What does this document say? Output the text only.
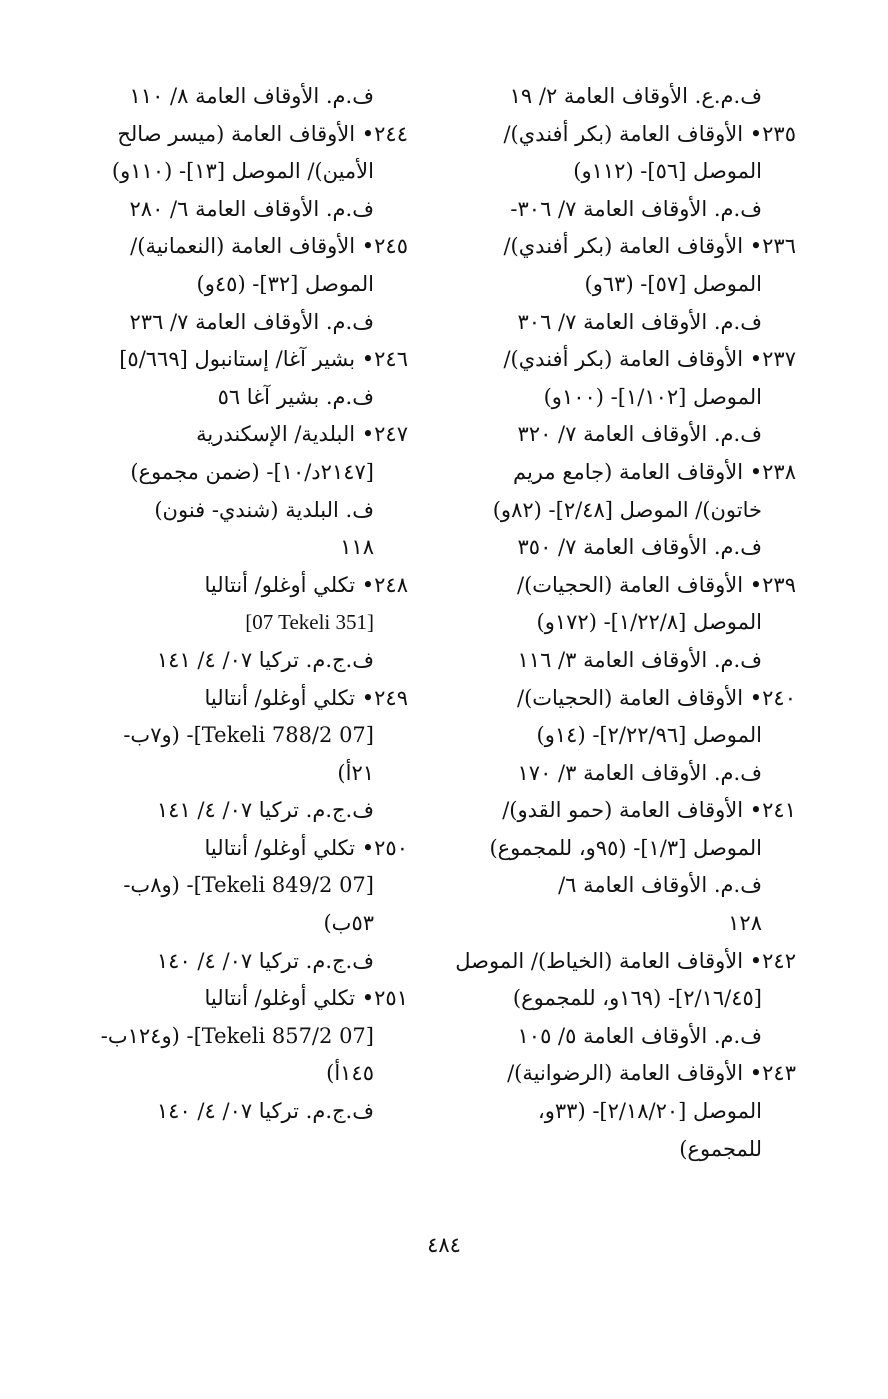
ف.م.ع. الأوقاف العامة ٢/ ١٩
٢٣٥• الأوقاف العامة (بكر أفندي)/
الموصل [٥٦]- (١١٢و)
ف.م. الأوقاف العامة ٧/ ٣٠٦-
٢٣٦• الأوقاف العامة (بكر أفندي)/
الموصل [٥٧]- (٦٣و)
ف.م. الأوقاف العامة ٧/ ٣٠٦
٢٣٧• الأوقاف العامة (بكر أفندي)/
الموصل [١/١٠٢]- (١٠٠و)
ف.م. الأوقاف العامة ٧/ ٣٢٠
٢٣٨• الأوقاف العامة (جامع مريم
خاتون)/ الموصل [٢/٤٨]- (٨٢و)
ف.م. الأوقاف العامة ٧/ ٣٥٠
٢٣٩• الأوقاف العامة (الحجيات)/
الموصل [١/٢٢/٨]- (١٧٢و)
ف.م. الأوقاف العامة ٣/ ١١٦
٢٤٠• الأوقاف العامة (الحجيات)/
الموصل [٢/٢٢/٩٦]- (١٤و)
ف.م. الأوقاف العامة ٣/ ١٧٠
٢٤١• الأوقاف العامة (حمو القدو)/
الموصل [١/٣]- (٩٥و، للمجموع)
ف.م. الأوقاف العامة ٦/
١٢٨
٢٤٢• الأوقاف العامة (الخياط)/ الموصل
[٢/١٦/٤٥]- (١٦٩و، للمجموع)
ف.م. الأوقاف العامة ٥/ ١٠٥
٢٤٣• الأوقاف العامة (الرضوانية)/
الموصل [٢/١٨/٢٠]- (٣٣و،
للمجموع)
ف.م. الأوقاف العامة ٨/ ١١٠
٢٤٤• الأوقاف العامة (ميسر صالح
الأمين)/ الموصل [١٣]- (١١٠و)
ف.م. الأوقاف العامة ٦/ ٢٨٠
٢٤٥• الأوقاف العامة (النعمانية)/
الموصل [٣٢]- (٤٥و)
ف.م. الأوقاف العامة ٧/ ٢٣٦
٢٤٦• بشير آغا/ إستانبول [٥/٦٦٩]
ف.م. بشير آغا ٥٦
٢٤٧• البلدية/ الإسكندرية
[٢١٤٧د/١٠]- (ضمن مجموع)
ف. البلدية (شندي- فنون)
١١٨
٢٤٨• تكلي أوغلو/ أنتاليا
[07 Tekeli 351]
ف.ج.م. تركيا ٠٧/ ٤/ ١٤١
٢٤٩• تكلي أوغلو/ أنتاليا
[07 Tekeli 788/2]- (و٧ب-
٢١أ)
ف.ج.م. تركيا ٠٧/ ٤/ ١٤١
٢٥٠• تكلي أوغلو/ أنتاليا
[07 Tekeli 849/2]- (و٨ب-
٥٣ب)
ف.ج.م. تركيا ٠٧/ ٤/ ١٤٠
٢٥١• تكلي أوغلو/ أنتاليا
[07 Tekeli 857/2]- (و١٢٤ب-
١٤٥أ)
ف.ج.م. تركيا ٠٧/ ٤/ ١٤٠
٤٨٤
